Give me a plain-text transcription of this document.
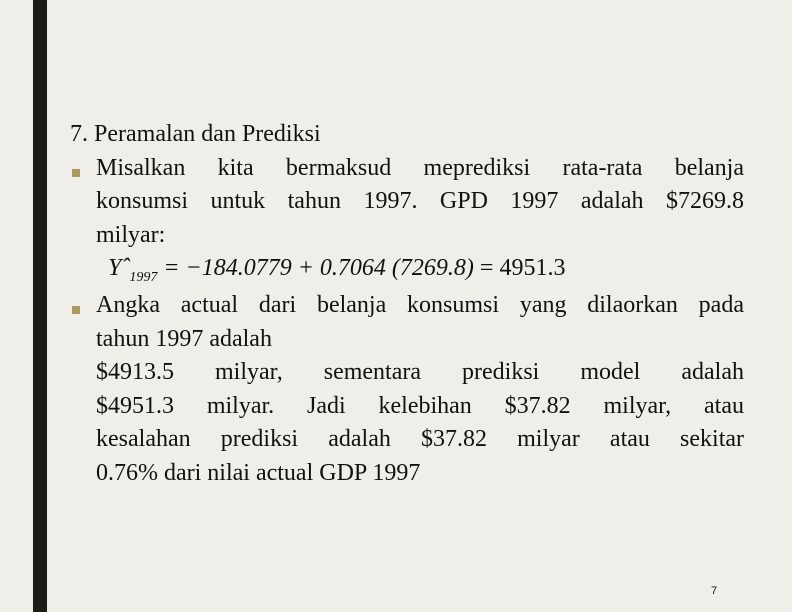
7. Peramalan dan Prediksi
Misalkan kita bermaksud meprediksi rata-rata belanja
konsumsi untuk tahun 1997. GPD 1997 adalah $7269.8
milyar:
Yˆ$_{1997}$ = −184.0779 + 0.7064 (7269.8) = 4951.3
Angka actual dari belanja konsumsi yang dilaorkan pada
tahun 1997 adalah
$4913.5 milyar, sementara prediksi model adalah
$4951.3 milyar. Jadi kelebihan $37.82 milyar, atau
kesalahan prediksi adalah $37.82 milyar atau sekitar
0.76% dari nilai actual GDP 1997
7
